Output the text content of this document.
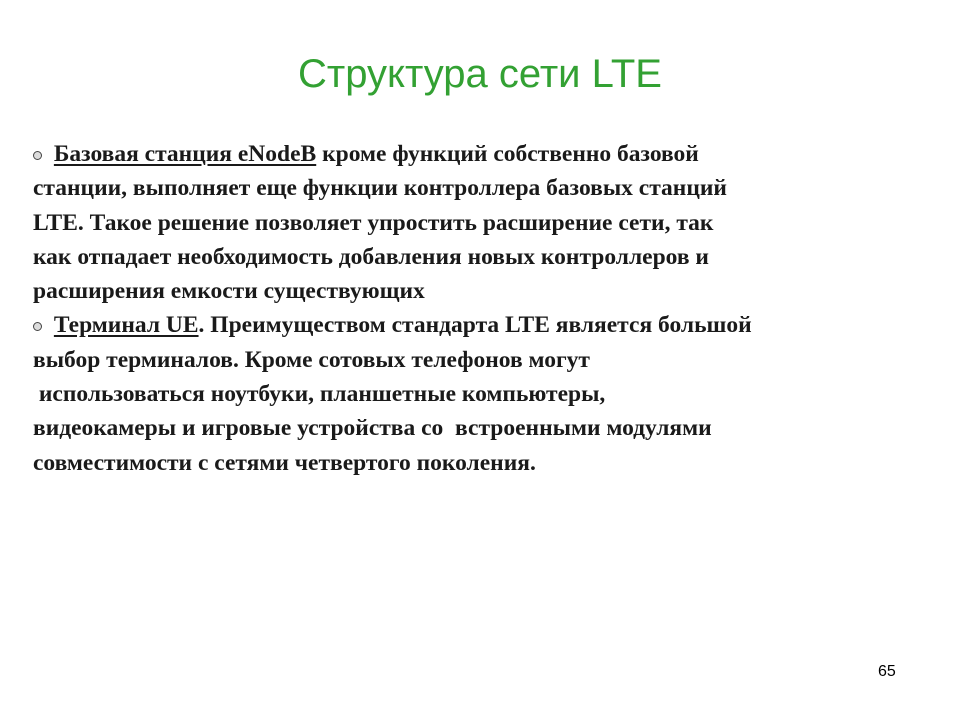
Структура сети LTE
Базовая станция eNodeB кроме функций собственно базовой
станции, выполняет еще функции контроллера базовых станций
LTE. Такое решение позволяет упростить расширение сети, так
как отпадает необходимость добавления новых контроллеров и
расширения емкости существующих
Терминал UE. Преимуществом стандарта LTE является большой
выбор терминалов. Кроме сотовых телефонов могут
использоваться ноутбуки, планшетные компьютеры,
видеокамеры и игровые устройства со  встроенными модулями
совместимости с сетями четвертого поколения.
65
